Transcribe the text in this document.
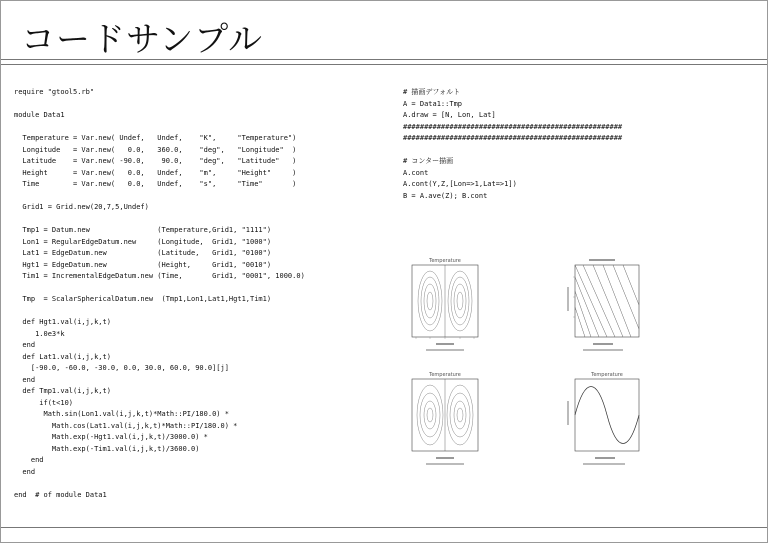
コードサンプル
require "gtool5.rb"

module Data1

Temperature = Var.new( Undef,   Undef,    "K",     "Temperature")
Longitude   = Var.new(   0.0,   360.0,    "deg",   "Longitude"  )
Latitude    = Var.new( -90.0,    90.0,    "deg",   "Latitude"   )
Height      = Var.new(   0.0,   Undef,    "m",     "Height"     )
Time        = Var.new(   0.0,   Undef,    "s",     "Time"       )

Grid1 = Grid.new(20,7,5,Undef)

Tmp1 = Datum.new                (Temperature,Grid1, "1111")
Lon1 = RegularEdgeDatum.new     (Longitude,  Grid1, "1000")
Lat1 = EdgeDatum.new            (Latitude,   Grid1, "0100")
Hgt1 = EdgeDatum.new            (Height,     Grid1, "0010")
Tim1 = IncrementalEdgeDatum.new (Time,       Grid1, "0001", 1000.0)

Tmp  = ScalarSphericalDatum.new  (Tmp1,Lon1,Lat1,Hgt1,Tim1)

def Hgt1.val(i,j,k,t)
1.0e3*k
end
def Lat1.val(i,j,k,t)
[-90.0, -60.0, -30.0, 0.0, 30.0, 60.0, 90.0][j]
end
def Tmp1.val(i,j,k,t)
if(t<10)
Math.sin(Lon1.val(i,j,k,t)*Math::PI/180.0) *
Math.cos(Lat1.val(i,j,k,t)*Math::PI/180.0) *
Math.exp(-Hgt1.val(i,j,k,t)/3000.0) *
Math.exp(-Tim1.val(i,j,k,t)/3600.0)
end
end

end  # of module Data1
# 描画デフォルト
A = Data1::Tmp
A.draw = [N, Lon, Lat]
####################################################
####################################################

# コンター描画
A.cont
A.cont(Y,Z,[Lon=>1,Lat=>1])
B = A.ave(Z); B.cont
Temperature
Temperature	Temperature
